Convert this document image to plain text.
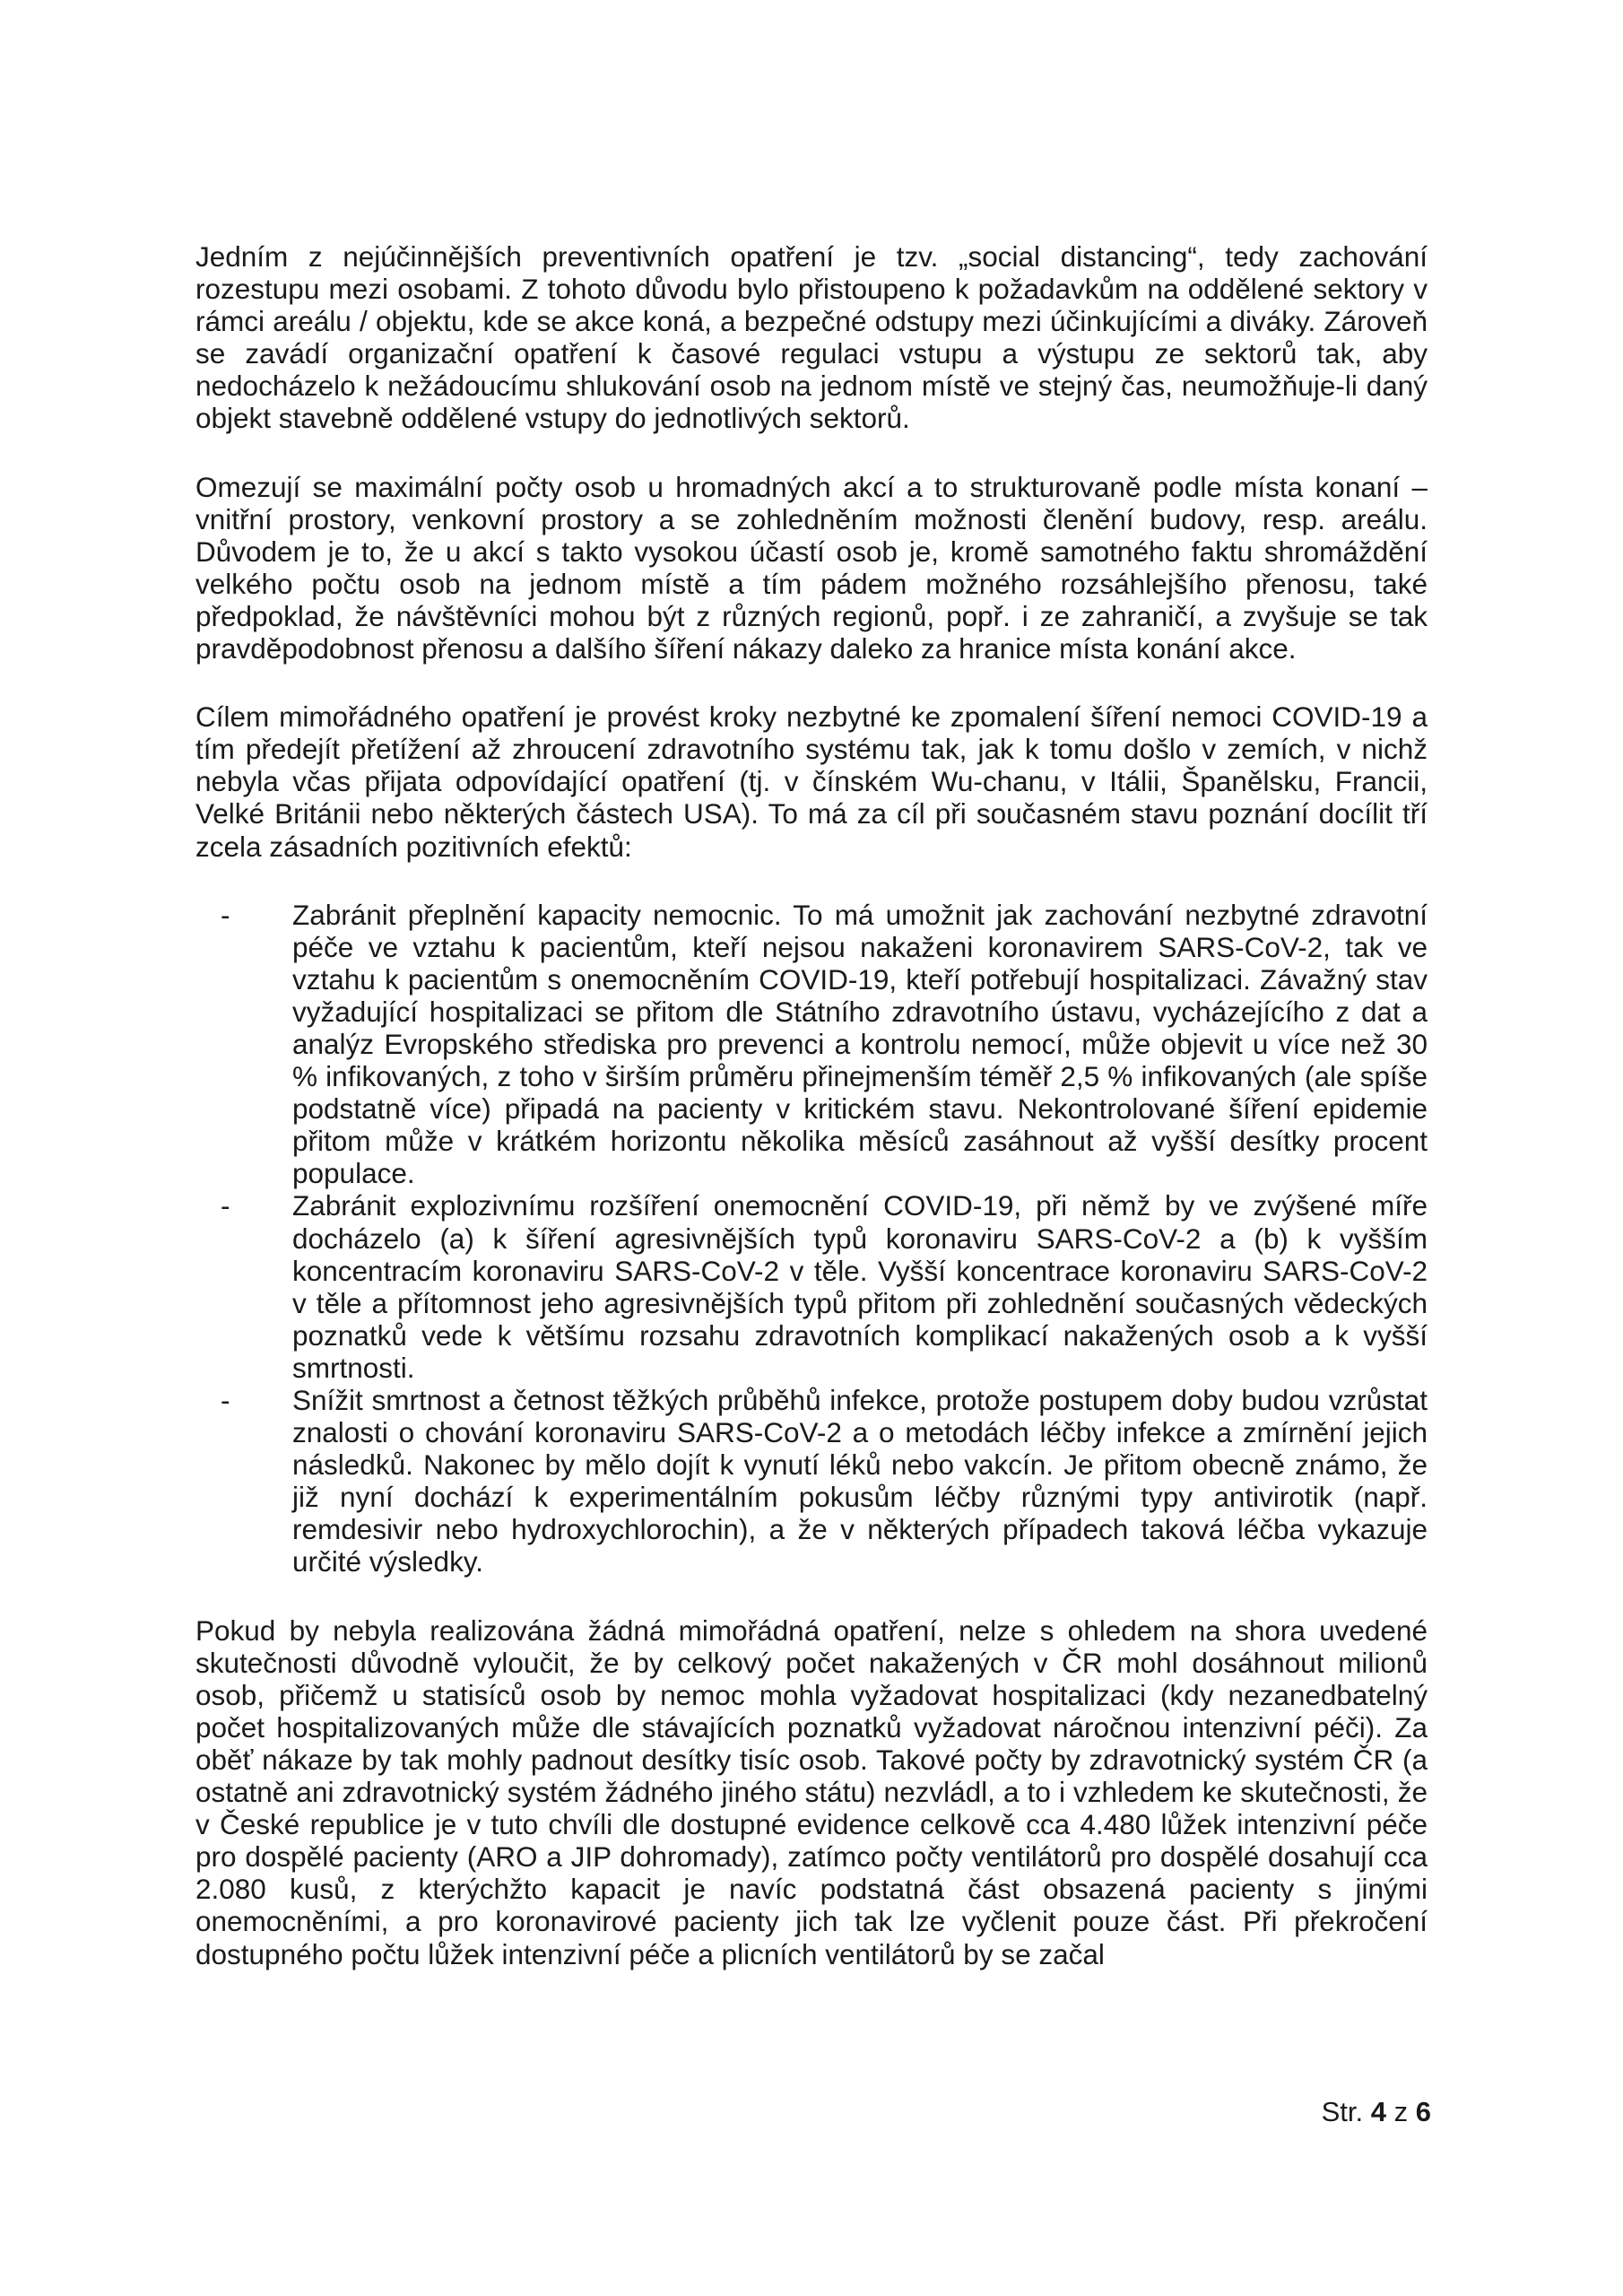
Jedním z nejúčinnějších preventivních opatření je tzv. „social distancing“, tedy zachování rozestupu mezi osobami. Z tohoto důvodu bylo přistoupeno k požadavkům na oddělené sektory v rámci areálu / objektu, kde se akce koná, a bezpečné odstupy mezi účinkujícími a diváky. Zároveň se zavádí organizační opatření k časové regulaci vstupu a výstupu ze sektorů tak, aby nedocházelo k nežádoucímu shlukování osob na jednom místě ve stejný čas, neumožňuje-li daný objekt stavebně oddělené vstupy do jednotlivých sektorů.

Omezují se maximální počty osob u hromadných akcí a to strukturovaně podle místa konaní – vnitřní prostory, venkovní prostory a se zohledněním možnosti členění budovy, resp. areálu. Důvodem je to, že u akcí s takto vysokou účastí osob je, kromě samotného faktu shromáždění velkého počtu osob na jednom místě a tím pádem možného rozsáhlejšího přenosu, také předpoklad, že návštěvníci mohou být z různých regionů, popř. i ze zahraničí, a zvyšuje se tak pravděpodobnost přenosu a dalšího šíření nákazy daleko za hranice místa konání akce.

Cílem mimořádného opatření je provést kroky nezbytné ke zpomalení šíření nemoci COVID-19 a tím předejít přetížení až zhroucení zdravotního systému tak, jak k tomu došlo v zemích, v nichž nebyla včas přijata odpovídající opatření (tj. v čínském Wu-chanu, v Itálii, Španělsku, Francii, Velké Británii nebo některých částech USA). To má za cíl při současném stavu poznání docílit tří zcela zásadních pozitivních efektů:

- Zabránit přeplnění kapacity nemocnic. To má umožnit jak zachování nezbytné zdravotní péče ve vztahu k pacientům, kteří nejsou nakaženi koronavirem SARS-CoV-2, tak ve vztahu k pacientům s onemocněním COVID-19, kteří potřebují hospitalizaci. Závažný stav vyžadující hospitalizaci se přitom dle Státního zdravotního ústavu, vycházejícího z dat a analýz Evropského střediska pro prevenci a kontrolu nemocí, může objevit u více než 30 % infikovaných, z toho v širším průměru přinejmenším téměř 2,5 % infikovaných (ale spíše podstatně více) připadá na pacienty v kritickém stavu. Nekontrolované šíření epidemie přitom může v krátkém horizontu několika měsíců zasáhnout až vyšší desítky procent populace.
- Zabránit explozivnímu rozšíření onemocnění COVID-19, při němž by ve zvýšené míře docházelo (a) k šíření agresivnějších typů koronaviru SARS-CoV-2 a (b) k vyšším koncentracím koronaviru SARS-CoV-2 v těle. Vyšší koncentrace koronaviru SARS-CoV-2 v těle a přítomnost jeho agresivnějších typů přitom při zohlednění současných vědeckých poznatků vede k většímu rozsahu zdravotních komplikací nakažených osob a k vyšší smrtnosti.
- Snížit smrtnost a četnost těžkých průběhů infekce, protože postupem doby budou vzrůstat znalosti o chování koronaviru SARS-CoV-2 a o metodách léčby infekce a zmírnění jejich následků. Nakonec by mělo dojít k vynutí léků nebo vakcín. Je přitom obecně známo, že již nyní dochází k experimentálním pokusům léčby různými typy antivirotik (např. remdesivir nebo hydroxychlorochin), a že v některých případech taková léčba vykazuje určité výsledky.

Pokud by nebyla realizována žádná mimořádná opatření, nelze s ohledem na shora uvedené skutečnosti důvodně vyloučit, že by celkový počet nakažených v ČR mohl dosáhnout milionů osob, přičemž u statisíců osob by nemoc mohla vyžadovat hospitalizaci (kdy nezanedbatelný počet hospitalizovaných může dle stávajících poznatků vyžadovat náročnou intenzivní péči). Za oběť nákaze by tak mohly padnout desítky tisíc osob. Takové počty by zdravotnický systém ČR (a ostatně ani zdravotnický systém žádného jiného státu) nezvládl, a to i vzhledem ke skutečnosti, že v České republice je v tuto chvíli dle dostupné evidence celkově cca 4.480 lůžek intenzivní péče pro dospělé pacienty (ARO a JIP dohromady), zatímco počty ventilátorů pro dospělé dosahují cca 2.080 kusů, z kterýchžto kapacit je navíc podstatná část obsazená pacienty s jinými onemocněními, a pro koronavirové pacienty jich tak lze vyčlenit pouze část. Při překročení dostupného počtu lůžek intenzivní péče a plicních ventilátorů by se začal

Str. 4 z 6
